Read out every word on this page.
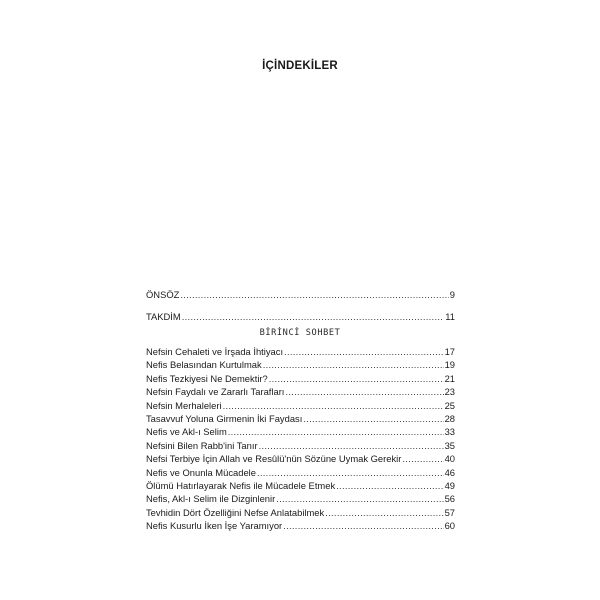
İÇİNDEKİLER
ÖNSÖZ .....	9
TAKDİM .....	11
BİRİNCİ SOHBET
Nefsin Cehaleti ve İrşada İhtiyacı .....	17
Nefis Belasından Kurtulmak .....	19
Nefis Tezkiyesi Ne Demektir? .....	21
Nefsin Faydalı ve Zararlı Tarafları .....	23
Nefsin Merhaleleri .....	25
Tasavvuf Yoluna Girmenin İki Faydası .....	28
Nefis ve Akl-ı Selim .....	33
Nefsini Bilen Rabb'ini Tanır .....	35
Nefsi Terbiye İçin Allah ve Resûlü'nün Sözüne Uymak Gerekir .....	40
Nefis ve Onunla Mücadele .....	46
Ölümü Hatırlayarak Nefis ile Mücadele Etmek .....	49
Nefis, Akl-ı Selim ile Dizginlenir .....	56
Tevhidin Dört Özelliğini Nefse Anlatabilmek .....	57
Nefis Kusurlu İken İşe Yaramıyor .....	60
